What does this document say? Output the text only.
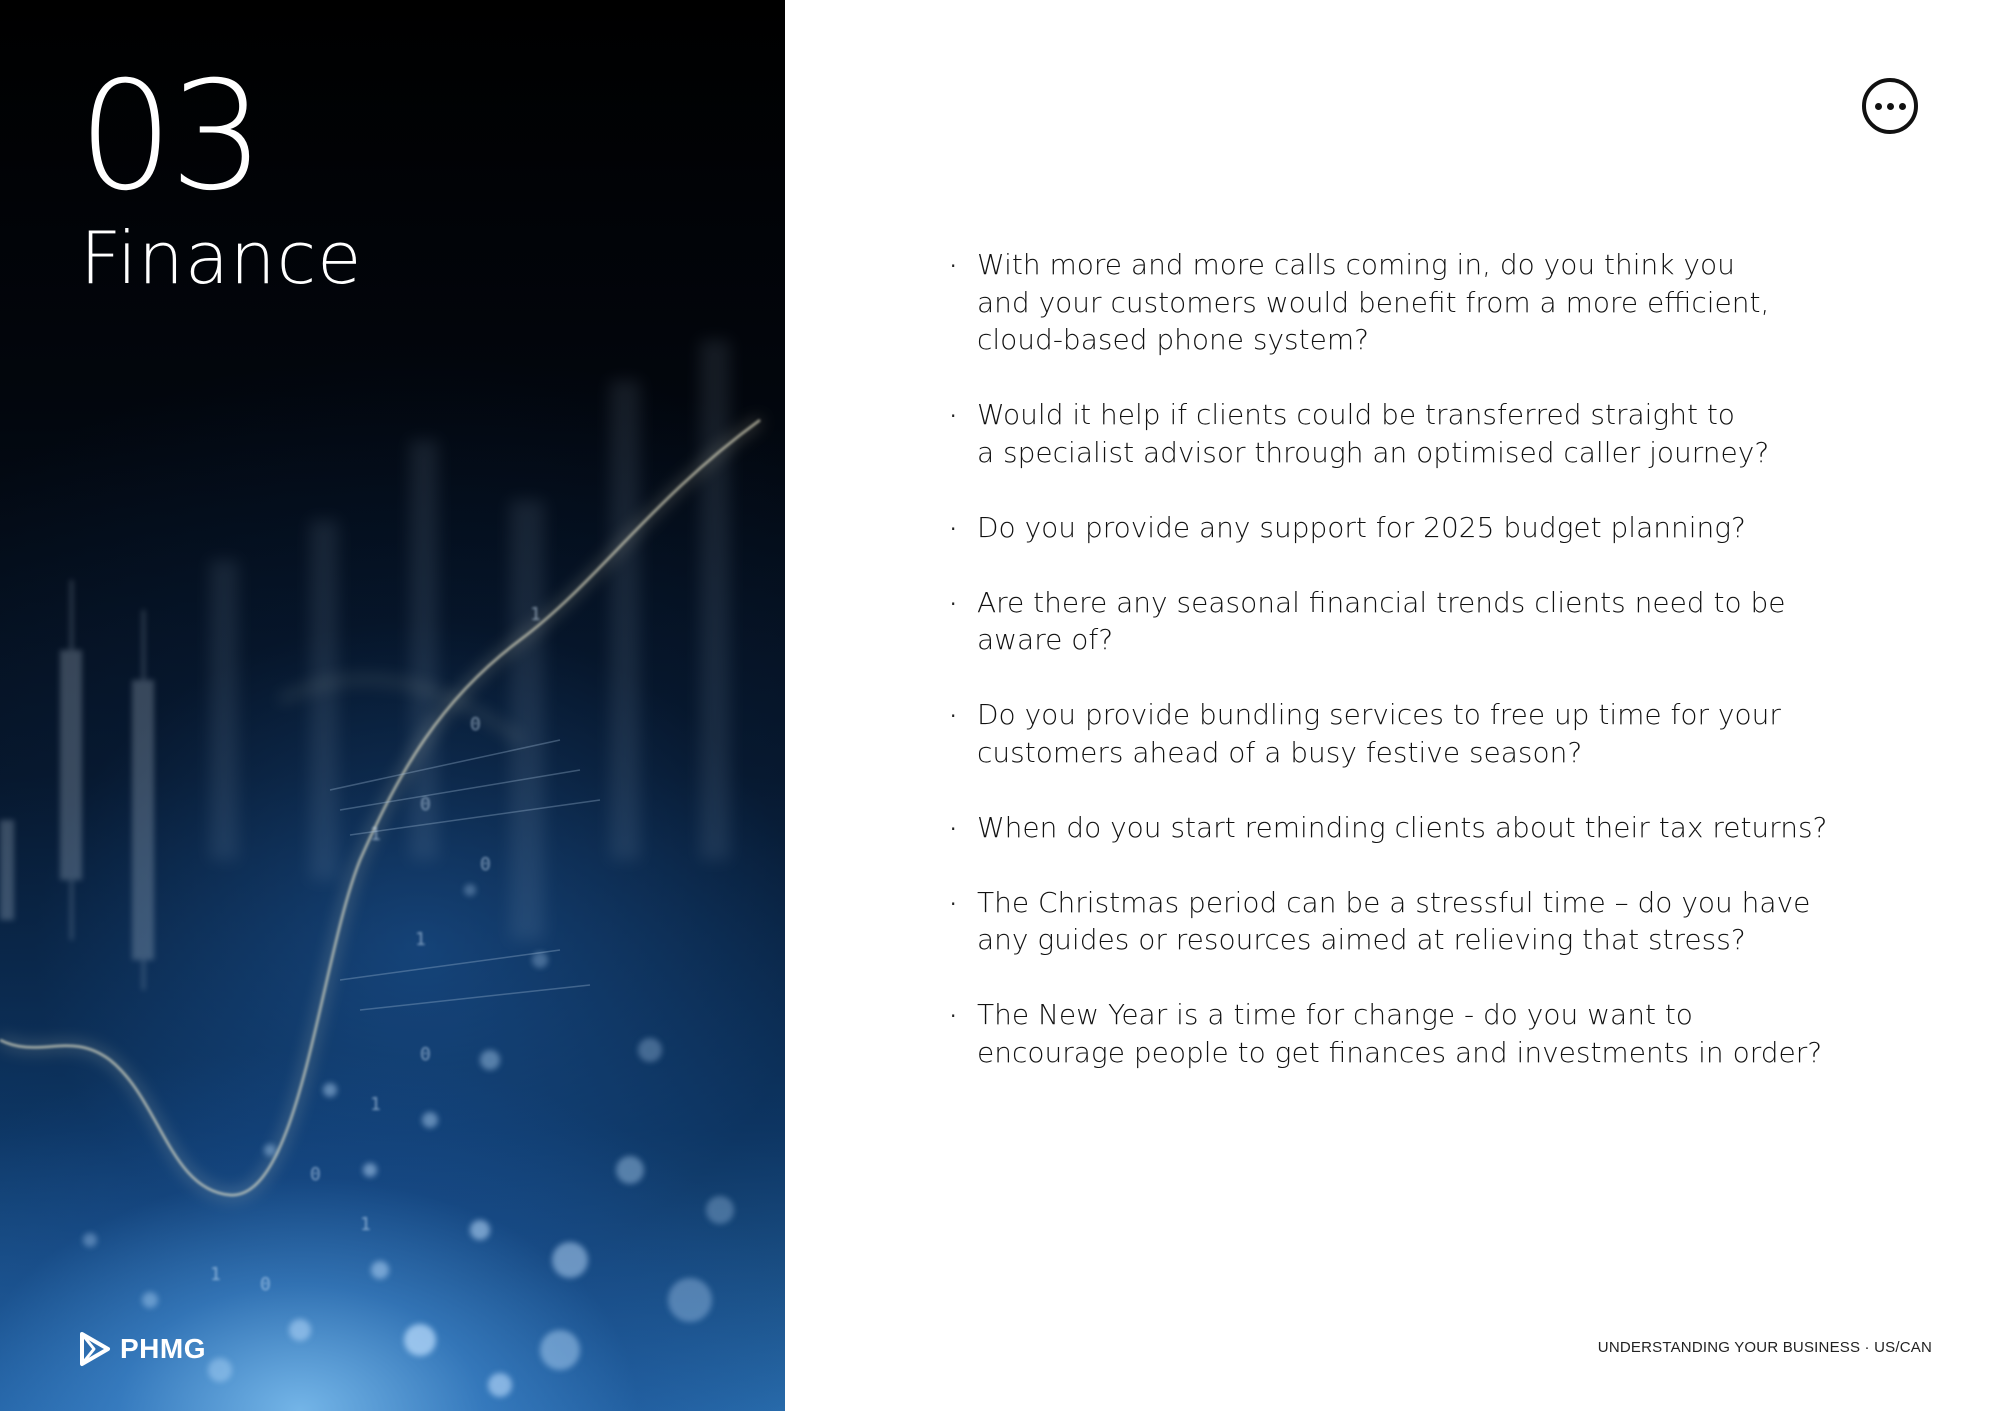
0
1
0
1
0
1
0
0
1
1
0
1
03
Finance
PHMG
· With more and more calls coming in, do you think you
and your customers would benefit from a more efficient,
cloud-based phone system?
· Would it help if clients could be transferred straight to
a specialist advisor through an optimised caller journey?
· Do you provide any support for 2025 budget planning?
· Are there any seasonal financial trends clients need to be
aware of?
· Do you provide bundling services to free up time for your
customers ahead of a busy festive season?
· When do you start reminding clients about their tax returns?
· The Christmas period can be a stressful time – do you have
any guides or resources aimed at relieving that stress?
· The New Year is a time for change - do you want to
encourage people to get finances and investments in order?
UNDERSTANDING YOUR BUSINESS · US/CAN
